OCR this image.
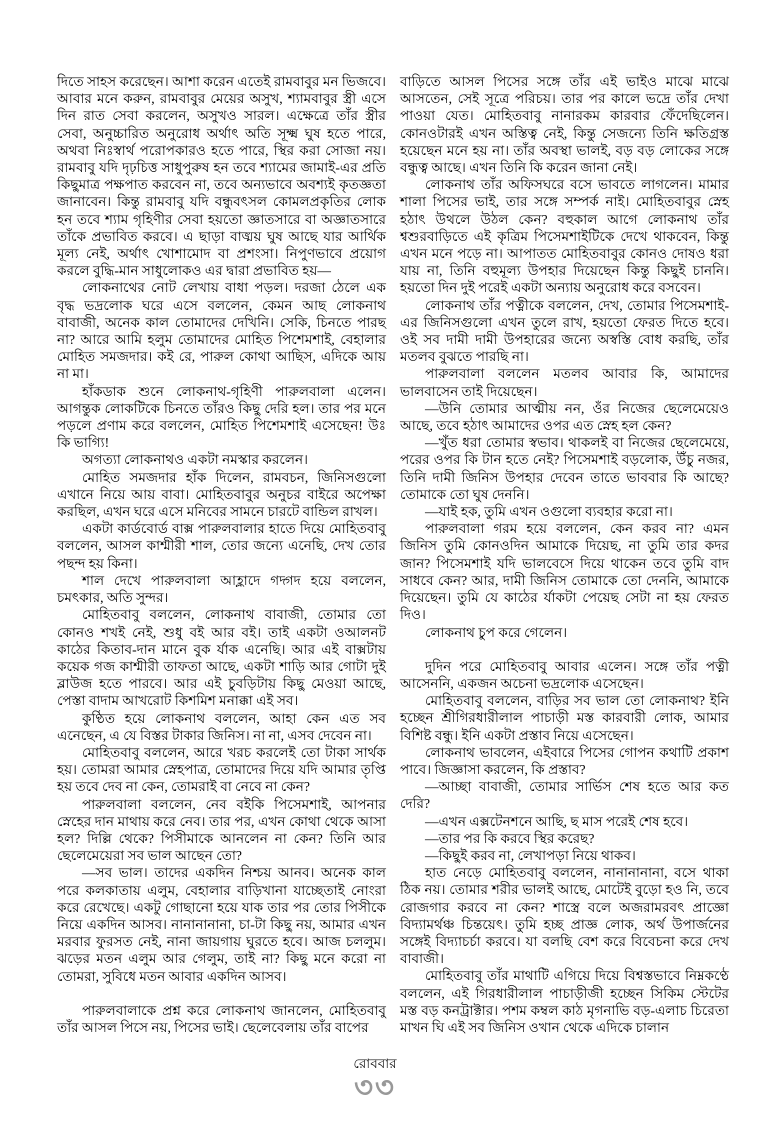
দিতে সাহস করেছেন। আশা করেন এতেই রামবাবুর মন ভিজবে। আবার মনে করুন, রামবাবুর মেয়ের অসুখ, শ্যামবাবুর স্ত্রী এসে দিন রাত সেবা করলেন, অসুখও সারল। এক্ষেত্রে তাঁর স্ত্রীর সেবা, অনুচ্চারিত অনুরোধ অর্থাৎ অতি সূক্ষ্ম ঘুষ হতে পারে, অথবা নিঃস্বার্থ পরোপকারও হতে পারে, স্থির করা সোজা নয়। রামবাবু যদি দৃঢ়চিত্ত সাধুপুরুষ হন তবে শ্যামের জামাই-এর প্রতি কিছুমাত্র পক্ষপাত করবেন না, তবে অন্যভাবে অবশ্যই কৃতজ্ঞতা জানাবেন। কিন্তু রামবাবু যদি বন্ধুবৎসল কোমলপ্রকৃতির লোক হন তবে শ্যাম গৃহিণীর সেবা হয়তো জ্ঞাতসারে বা অজ্ঞাতসারে তাঁকে প্রভাবিত করবে। এ ছাড়া বাঙ্ময় ঘুষ আছে যার আর্থিক মূল্য নেই, অর্থাৎ খোশামোদ বা প্রশংসা। নিপুণভাবে প্রয়োগ করলে বুদ্ধি-মান সাধুলোকও এর দ্বারা প্রভাবিত হয়—

লোকনাথের নোট লেখায় বাধা পড়ল। দরজা ঠেলে এক বৃদ্ধ ভদ্রলোক ঘরে এসে বললেন, কেমন আছ লোকনাথ বাবাজী, অনেক কাল তোমাদের দেখিনি। সেকি, চিনতে পারছ না? আরে আমি হলুম তোমাদের মোহিত পিশেমশাই, বেহালার মোহিত সমজদার। কই রে, পারুল কোথা আছিস, এদিকে আয় না মা।

হাঁকডাক শুনে লোকনাথ-গৃহিণী পারুলবালা এলেন। আগন্তুক লোকটিকে চিনতে তাঁরও কিছু দেরি হল। তার পর মনে পড়লে প্রণাম করে বললেন, মোহিত পিশেমশাই এসেছেন! উঃ কি ভাগ্যি!

অগত্যা লোকনাথও একটা নমস্কার করলেন।

মোহিত সমজদার হাঁক দিলেন, রামবচন, জিনিসগুলো এখানে নিয়ে আয় বাবা। মোহিতবাবুর অনুচর বাইরে অপেক্ষা করছিল, এখন ঘরে এসে মনিবের সামনে চারটে বান্ডিল রাখল।

একটা কার্ডবোর্ড বাক্স পারুলবালার হাতে দিয়ে মোহিতবাবু বললেন, আসল কাশ্মীরী শাল, তোর জন্যে এনেছি, দেখ তোর পছন্দ হয় কিনা।

শাল দেখে পারুলবালা আহ্লাদে গদ্গদ হয়ে বললেন, চমৎকার, অতি সুন্দর।

মোহিতবাবু বললেন, লোকনাথ বাবাজী, তোমার তো কোনও শখই নেই, শুধু বই আর বই। তাই একটা ওআলনট কাঠের কিতাব-দান মানে বুক র্যাক এনেছি। আর এই বাক্সটায় কয়েক গজ কাশ্মীরী তাফতা আছে, একটা শাড়ি আর গোটা দুই ব্লাউজ হতে পারবে। আর এই চুবড়িটায় কিছু মেওয়া আছে, পেস্তা বাদাম আখরোট কিশমিশ মনাক্কা এই সব।

কুণ্ঠিত হয়ে লোকনাথ বললেন, আহা কেন এত সব এনেছেন, এ যে বিস্তর টাকার জিনিস। না না, এসব দেবেন না।

মোহিতবাবু বললেন, আরে খরচ করলেই তো টাকা সার্থক হয়। তোমরা আমার স্নেহপাত্র, তোমাদের দিয়ে যদি আমার তৃপ্তি হয় তবে দেব না কেন, তোমরাই বা নেবে না কেন?

পারুলবালা বললেন, নেব বইকি পিসেমশাই, আপনার স্নেহের দান মাথায় করে নেব। তার পর, এখন কোথা থেকে আসা হল? দিল্লি থেকে? পিসীমাকে আনলেন না কেন? তিনি আর ছেলেমেয়েরা সব ভাল আছেন তো?

—সব ভাল। তাদের একদিন নিশ্চয় আনব। অনেক কাল পরে কলকাতায় এলুম, বেহালার বাড়িখানা যাচ্ছেতাই নোংরা করে রেখেছে। একটু গোছানো হয়ে যাক তার পর তোর পিসীকে নিয়ে একদিন আসব। নানানানানা, চা-টা কিছু নয়, আমার এখন মরবার ফুরসত নেই, নানা জায়গায় ঘুরতে হবে। আজ চললুম। ঝড়ের মতন এলুম আর গেলুম, তাই না? কিছু মনে করো না তোমরা, সুবিধে মতন আবার একদিন আসব।

পারুলবালাকে প্রশ্ন করে লোকনাথ জানলেন, মোহিতবাবু তাঁর আসল পিসে নয়, পিসের ভাই। ছেলেবেলায় তাঁর বাপের

বাড়িতে আসল পিসের সঙ্গে তাঁর এই ভাইও মাঝে মাঝে আসতেন, সেই সূত্রে পরিচয়। তার পর কালে ভদ্রে তাঁর দেখা পাওয়া যেত। মোহিতবাবু নানারকম কারবার ফেঁদেছিলেন। কোনওটারই এখন অস্তিত্ব নেই, কিন্তু সেজন্যে তিনি ক্ষতিগ্রস্ত হয়েছেন মনে হয় না। তাঁর অবস্থা ভালই, বড় বড় লোকের সঙ্গে বন্ধুত্ব আছে। এখন তিনি কি করেন জানা নেই।

লোকনাথ তাঁর অফিসঘরে বসে ভাবতে লাগলেন। মামার শালা পিসের ভাই, তার সঙ্গে সম্পর্ক নাই। মোহিতবাবুর স্নেহ হঠাৎ উথলে উঠল কেন? বহুকাল আগে লোকনাথ তাঁর শ্বশুরবাড়িতে এই কৃত্রিম পিসেমশাইটিকে দেখে থাকবেন, কিন্তু এখন মনে পড়ে না। আপাতত মোহিতবাবুর কোনও দোষও ধরা যায় না, তিনি বহুমূল্য উপহার দিয়েছেন কিন্তু কিছুই চাননি। হয়তো দিন দুই পরেই একটা অন্যায় অনুরোধ করে বসবেন।

লোকনাথ তাঁর পত্নীকে বললেন, দেখ, তোমার পিসেমশাই-এর জিনিসগুলো এখন তুলে রাখ, হয়তো ফেরত দিতে হবে। ওই সব দামী দামী উপহারের জন্যে অস্বস্তি বোধ করছি, তাঁর মতলব বুঝতে পারছি না।

পারুলবালা বললেন মতলব আবার কি, আমাদের ভালবাসেন তাই দিয়েছেন।

—উনি তোমার আত্মীয় নন, ওঁর নিজের ছেলেমেয়েও আছে, তবে হঠাৎ আমাদের ওপর এত স্নেহ হল কেন?

—খুঁত ধরা তোমার স্বভাব। থাকলই বা নিজের ছেলেমেয়ে, পরের ওপর কি টান হতে নেই? পিসেমশাই বড়লোক, উঁচু নজর, তিনি দামী জিনিস উপহার দেবেন তাতে ভাববার কি আছে? তোমাকে তো ঘুষ দেননি।

—যাই হক, তুমি এখন ওগুলো ব্যবহার করো না।

পারুলবালা গরম হয়ে বললেন, কেন করব না? এমন জিনিস তুমি কোনওদিন আমাকে দিয়েছ, না তুমি তার কদর জান? পিসেমশাই যদি ভালবেসে দিয়ে থাকেন তবে তুমি বাদ সাধবে কেন? আর, দামী জিনিস তোমাকে তো দেননি, আমাকে দিয়েছেন। তুমি যে কাঠের র্যাকটা পেয়েছ সেটা না হয় ফেরত দিও।

লোকনাথ চুপ করে গেলেন।

দুদিন পরে মোহিতবাবু আবার এলেন। সঙ্গে তাঁর পত্নী আসেননি, একজন অচেনা ভদ্রলোক এসেছেন।

মোহিতবাবু বললেন, বাড়ির সব ভাল তো লোকনাথ? ইনি হচ্ছেন শ্রীগিরধারীলাল পাচাড়ী মস্ত কারবারী লোক, আমার বিশিষ্ট বন্ধু। ইনি একটা প্রস্তাব নিয়ে এসেছেন।

লোকনাথ ভাবলেন, এইবারে পিসের গোপন কথাটি প্রকাশ পাবে। জিজ্ঞাসা করলেন, কি প্রস্তাব?

—আচ্ছা বাবাজী, তোমার সার্ভিস শেষ হতে আর কত দেরি?

—এখন এক্সটেনশনে আছি, ছ মাস পরেই শেষ হবে।

—তার পর কি করবে স্থির করেছ?

—কিছুই করব না, লেখাপড়া নিয়ে থাকব।

হাত নেড়ে মোহিতবাবু বললেন, নানানানানা, বসে থাকা ঠিক নয়। তোমার শরীর ভালই আছে, মোটেই বুড়ো হও নি, তবে রোজগার করবে না কেন? শাস্ত্রে বলে অজরামরবৎ প্রাজ্ঞো বিদ্যামর্থঞ্চ চিন্তয়েৎ। তুমি হচ্ছ প্রাজ্ঞ লোক, অর্থ উপার্জনের সঙ্গেই বিদ্যাচর্চা করবে। যা বলছি বেশ করে বিবেচনা করে দেখ বাবাজী।

মোহিতবাবু তাঁর মাথাটি এগিয়ে দিয়ে বিশ্বস্তভাবে নিম্নকণ্ঠে বললেন, এই গিরধারীলাল পাচাড়ীজী হচ্ছেন সিকিম স্টেটের মস্ত বড় কনট্রাক্টার। পশম কম্বল কাঠ মৃগনাভি বড়-এলাচ চিরেতা মাখন ঘি এই সব জিনিস ওখান থেকে এদিকে চালান

রোববার
৩৩
